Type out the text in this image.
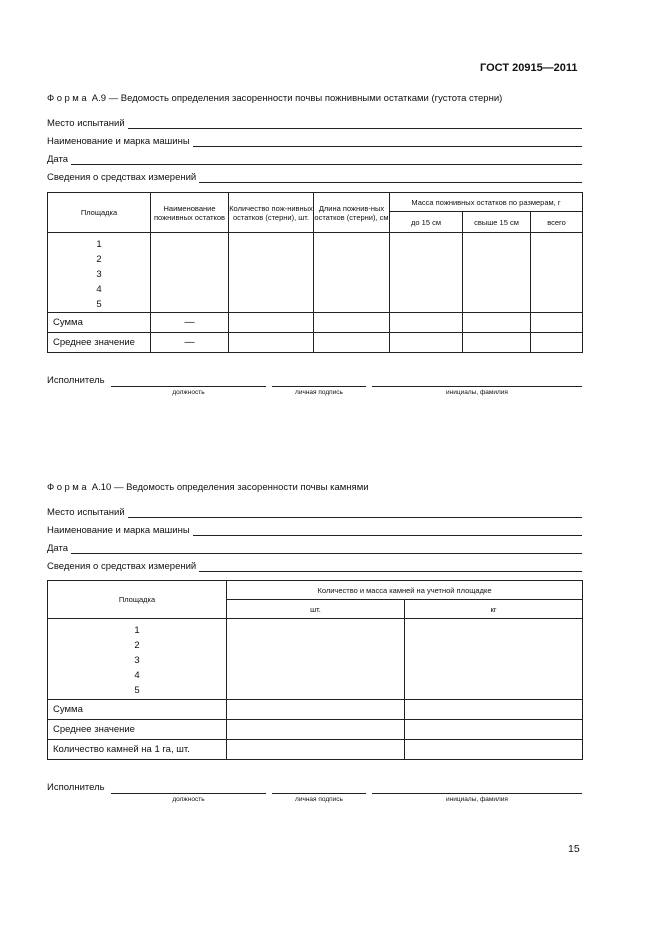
ГОСТ 20915—2011
Форма А.9 — Ведомость определения засоренности почвы пожнивными остатками (густота стерни)
Место испытаний
Наименование и марка машины
Дата
Сведения о средствах измерений
Площадка	Наименование пожнивных остатков	Количество пож-нивных остатков (стерни), шт.	Длина пожнив-ных остатков (стерни), см	Масса пожнивных остатков по размерам, г		
				до 15 см	свыше 15 см	всего
1
2
3
4
5						
Сумма	—					
Среднее значение	—					
Исполнитель
должность	личная подпись	инициалы, фамилия
Форма А.10 — Ведомость определения засоренности почвы камнями
Место испытаний
Наименование и марка машины
Дата
Сведения о средствах измерений
Площадка	Количество и масса камней на учетной площадке	
	шт.	кг
1
2
3
4
5		
Сумма		
Среднее значение		
Количество камней на 1 га, шт.		
Исполнитель
должность	личная подпись	инициалы, фамилия
15
